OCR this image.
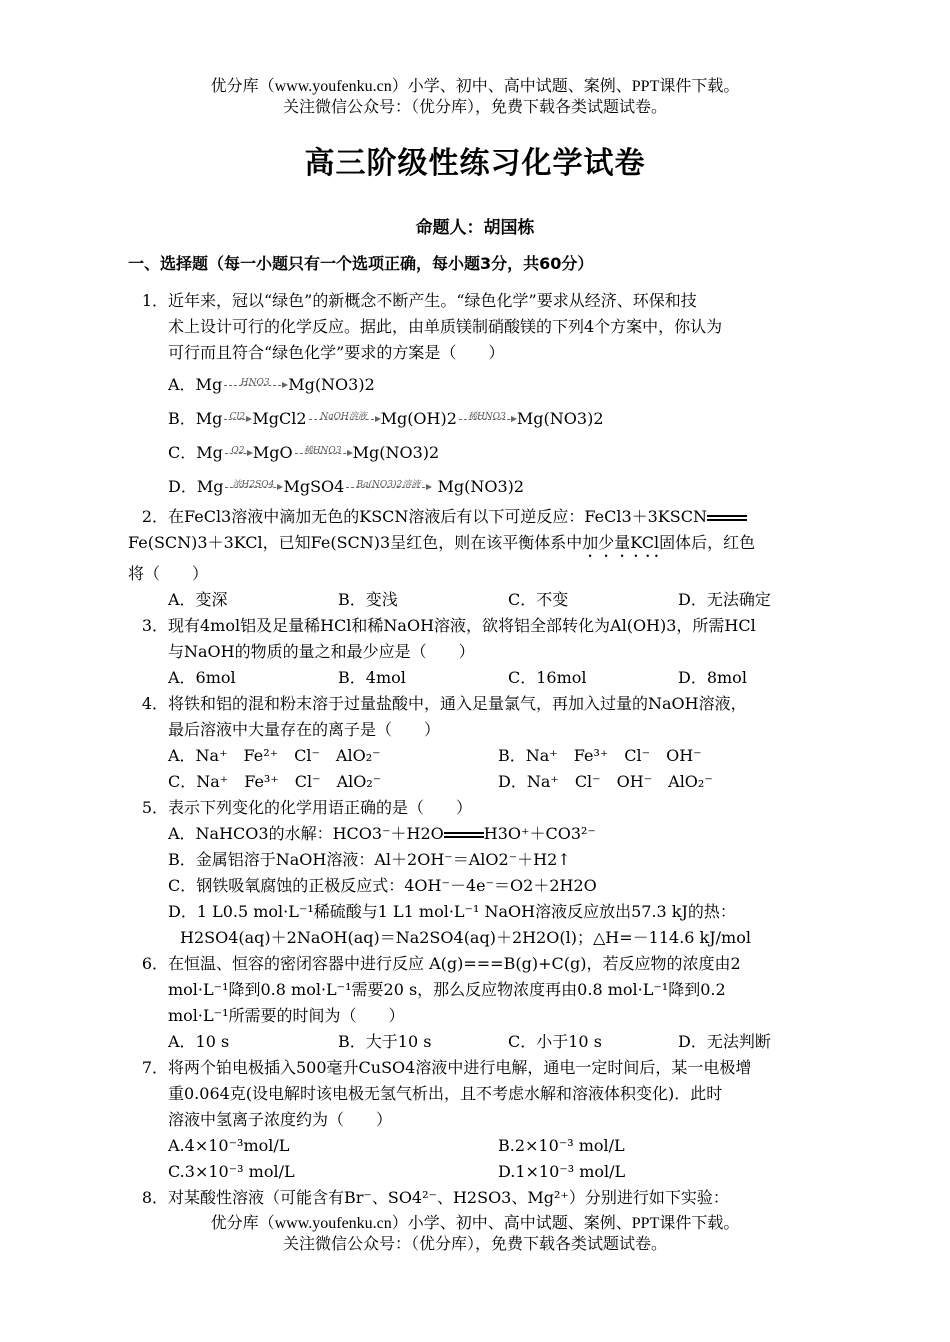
优分库（www.youfenku.cn）小学、初中、高中试题、案例、PPT课件下载。
关注微信公众号：（优分库），免费下载各类试题试卷。
高三阶级性练习化学试卷
命题人：胡国栋
一、选择题（每一小题只有一个选项正确，每小题3分，共60分）
1．近年来，冠以“绿色”的新概念不断产生。“绿色化学”要求从经济、环保和技
术上设计可行的化学反应。据此，由单质镁制硝酸镁的下列4个方案中，你认为
可行而且符合“绿色化学”要求的方案是（　　）
A．Mg	HNO3	Mg(NO3)2
B．Mg Cl2 MgCl2	NaOH溶液 Mg(OH)2	稀HNO3 Mg(NO3)2
C．Mg O2 MgO	稀HNO3 Mg(NO3)2
D．Mg	浓H2SO4 MgSO4	Ba(NO3)2溶液	Mg(NO3)2
2．在FeCl3溶液中滴加无色的KSCN溶液后有以下可逆反应：FeCl3＋3KSCN

Fe(SCN)3＋3KCl，已知Fe(SCN)3呈红色，则在该平衡体系中加少量KCl固体后，红色
将（　　）
A．变深	B．变浅	C．不变	D．无法确定
3．现有4mol铝及足量稀HCl和稀NaOH溶液，欲将铝全部转化为Al(OH)3，所需HCl
与NaOH的物质的量之和最少应是（　　）
A．6mol	B．4mol	C．16mol	D．8mol
4．将铁和铝的混和粉末溶于过量盐酸中，通入足量氯气，再加入过量的NaOH溶液，
最后溶液中大量存在的离子是（　　）
A．Na⁺　Fe²⁺　Cl⁻　AlO₂⁻	B．Na⁺　Fe³⁺　Cl⁻　OH⁻
C．Na⁺　Fe³⁺　Cl⁻　AlO₂⁻	D．Na⁺　Cl⁻　OH⁻　AlO₂⁻
5．表示下列变化的化学用语正确的是（　　）
A．NaHCO3的水解：HCO3⁻＋H2O	H3O⁺＋CO3²⁻
B．金属铝溶于NaOH溶液：Al＋2OH⁻＝AlO2⁻＋H2↑
C．钢铁吸氧腐蚀的正极反应式：4OH⁻－4e⁻＝O2＋2H2O
D．1 L0.5 mol·L⁻¹稀硫酸与1 L1 mol·L⁻¹ NaOH溶液反应放出57.3 kJ的热：
H2SO4(aq)＋2NaOH(aq)＝Na2SO4(aq)＋2H2O(l)；△H=－114.6 kJ/mol
6．在恒温、恒容的密闭容器中进行反应 A(g)===B(g)+C(g)，若反应物的浓度由2
mol·L⁻¹降到0.8 mol·L⁻¹需要20 s，那么反应物浓度再由0.8 mol·L⁻¹降到0.2
mol·L⁻¹所需要的时间为（　　）
A．10 s	B．大于10 s	C．小于10 s	D．无法判断
7．将两个铂电极插入500毫升CuSO4溶液中进行电解，通电一定时间后，某一电极增
重0.064克(设电解时该电极无氢气析出，且不考虑水解和溶液体积变化)．此时
溶液中氢离子浓度约为（　　）
A.4×10⁻³mol/L	B.2×10⁻³ mol/L
C.3×10⁻³ mol/L	D.1×10⁻³ mol/L
8．对某酸性溶液（可能含有Br⁻、SO4²⁻、H2SO3、Mg²⁺）分别进行如下实验：
优分库（www.youfenku.cn）小学、初中、高中试题、案例、PPT课件下载。
关注微信公众号：（优分库），免费下载各类试题试卷。
